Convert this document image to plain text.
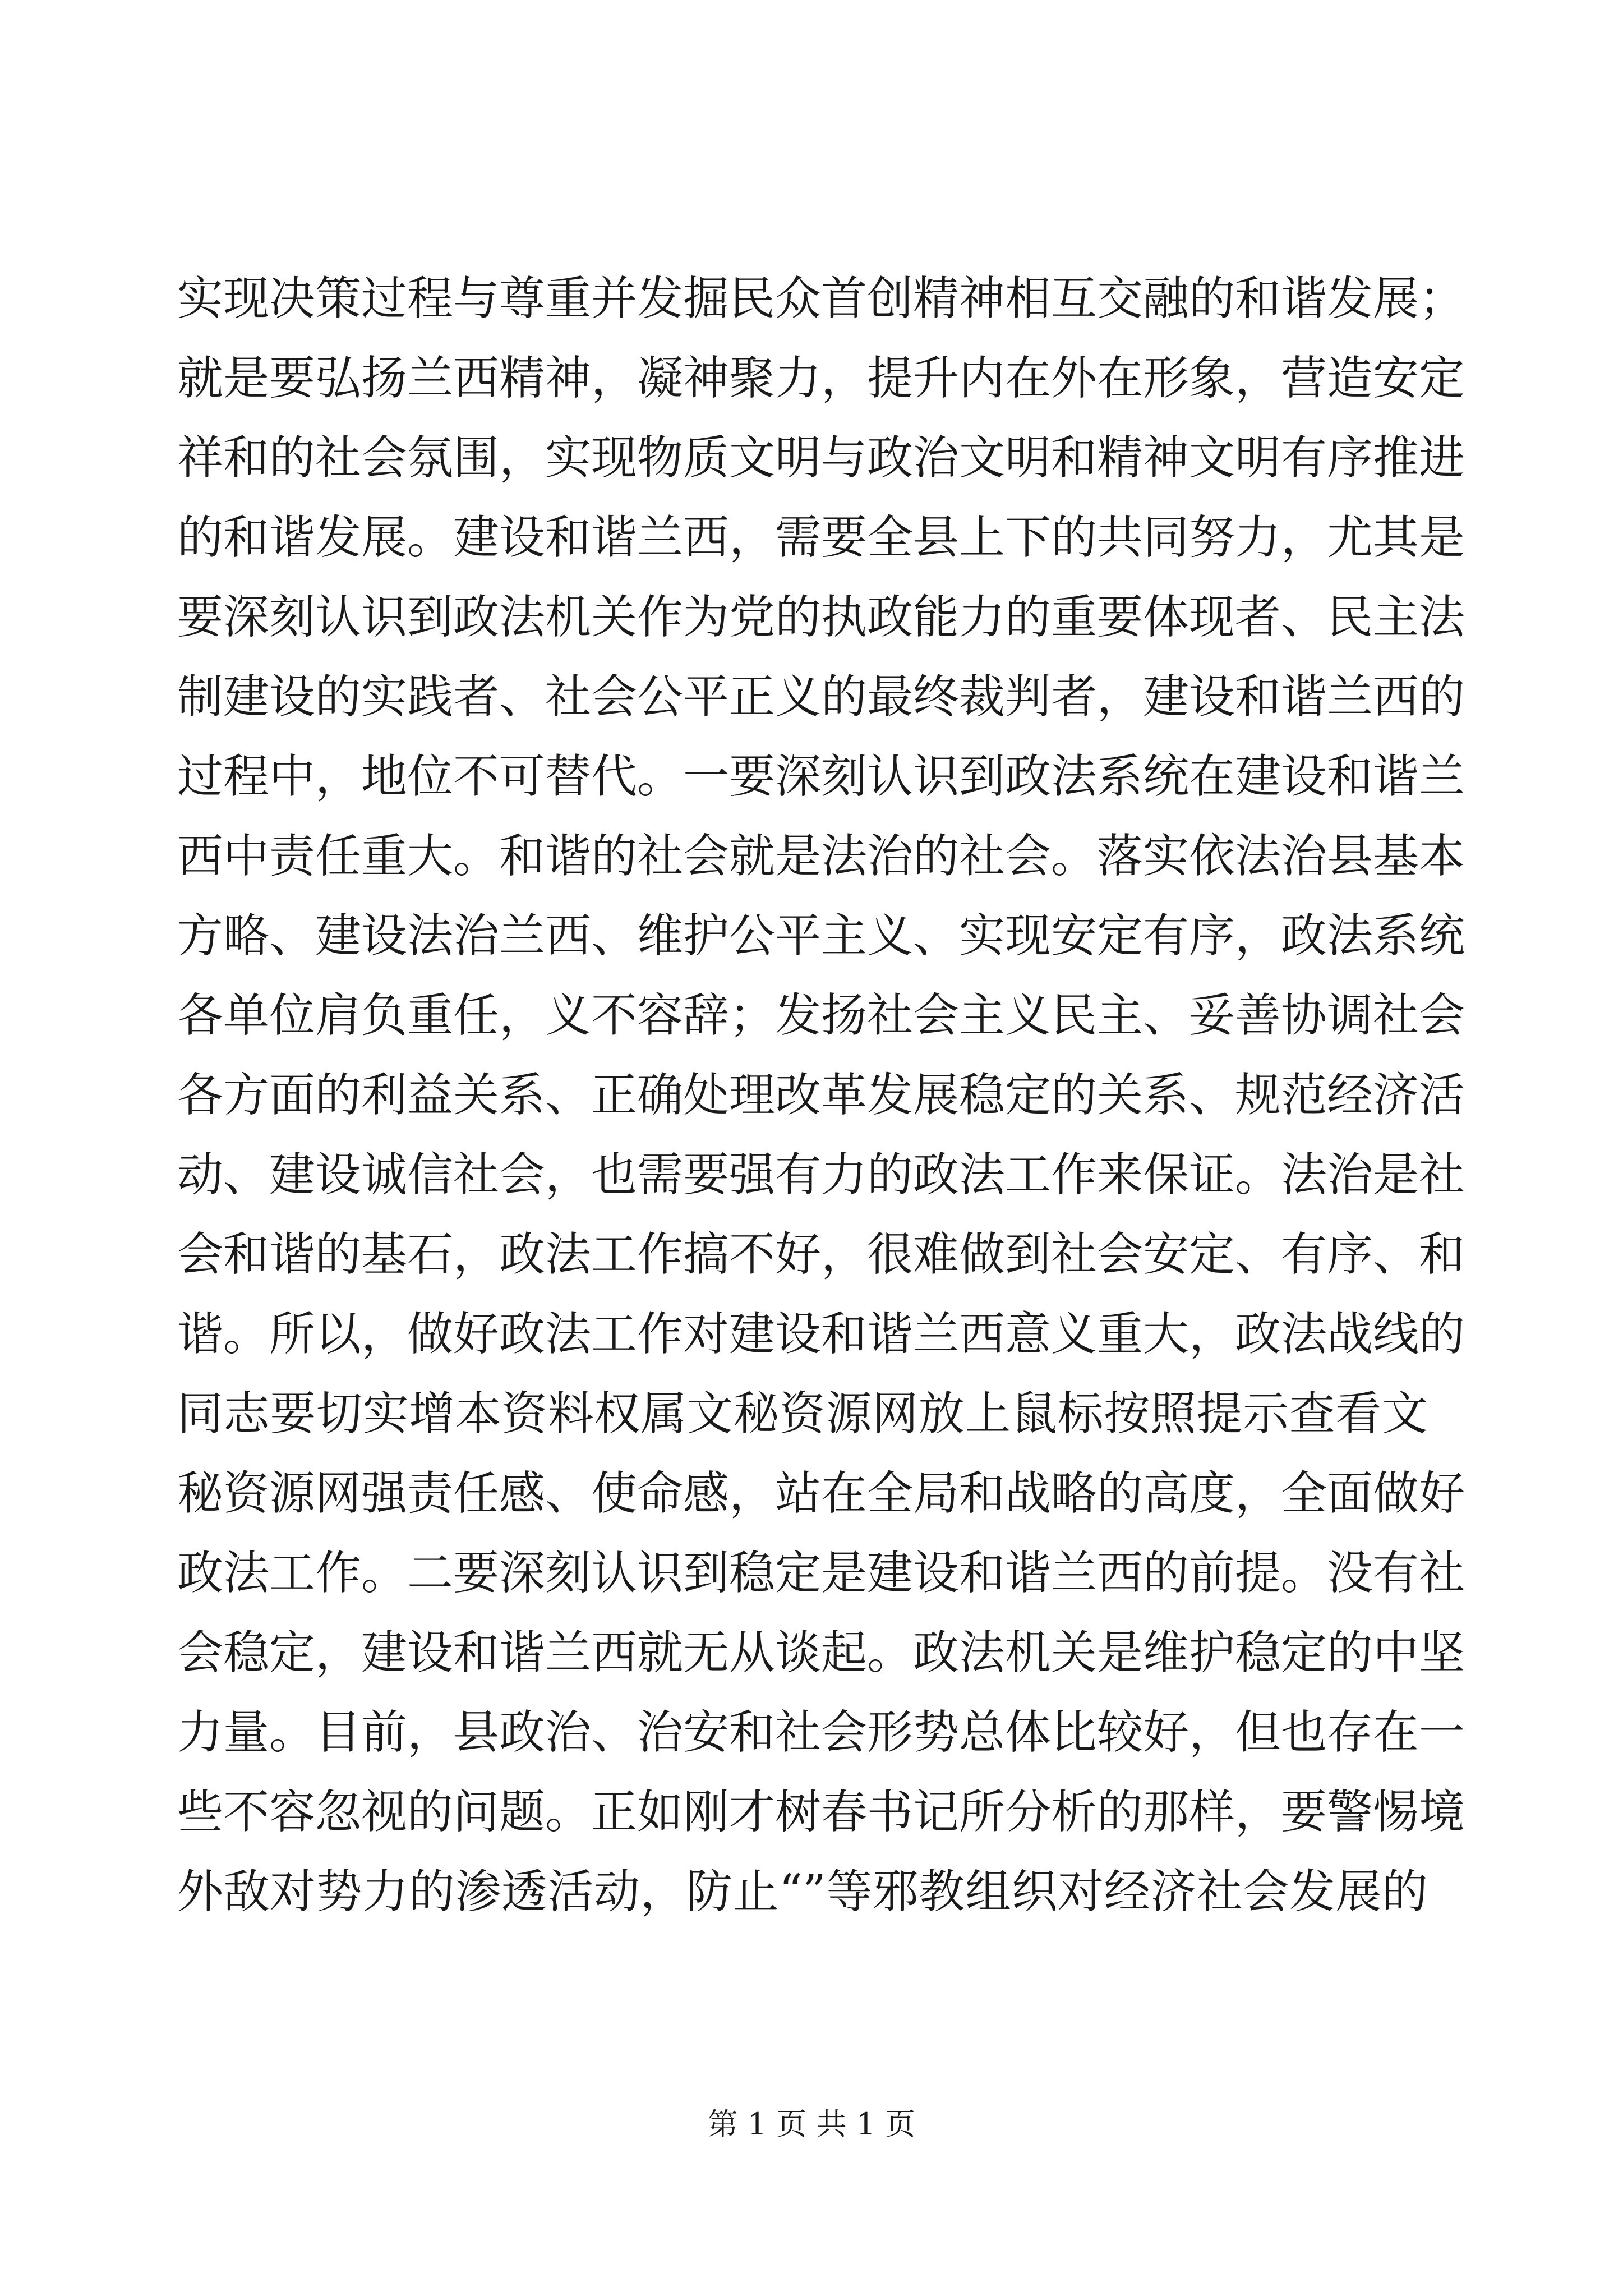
实现决策过程与尊重并发掘民众首创精神相互交融的和谐发展；
就是要弘扬兰西精神，凝神聚力，提升内在外在形象，营造安定
祥和的社会氛围，实现物质文明与政治文明和精神文明有序推进
的和谐发展。建设和谐兰西，需要全县上下的共同努力，尤其是
要深刻认识到政法机关作为党的执政能力的重要体现者、民主法
制建设的实践者、社会公平正义的最终裁判者，建设和谐兰西的
过程中，地位不可替代。一要深刻认识到政法系统在建设和谐兰
西中责任重大。和谐的社会就是法治的社会。落实依法治县基本
方略、建设法治兰西、维护公平主义、实现安定有序，政法系统
各单位肩负重任，义不容辞；发扬社会主义民主、妥善协调社会
各方面的利益关系、正确处理改革发展稳定的关系、规范经济活
动、建设诚信社会，也需要强有力的政法工作来保证。法治是社
会和谐的基石，政法工作搞不好，很难做到社会安定、有序、和
谐。所以，做好政法工作对建设和谐兰西意义重大，政法战线的
同志要切实增本资料权属文秘资源网放上鼠标按照提示查看文
秘资源网强责任感、使命感，站在全局和战略的高度，全面做好
政法工作。二要深刻认识到稳定是建设和谐兰西的前提。没有社
会稳定，建设和谐兰西就无从谈起。政法机关是维护稳定的中坚
力量。目前，县政治、治安和社会形势总体比较好，但也存在一
些不容忽视的问题。正如刚才树春书记所分析的那样，要警惕境
外敌对势力的渗透活动，防止“”等邪教组织对经济社会发展的
第 1 页 共 1 页
